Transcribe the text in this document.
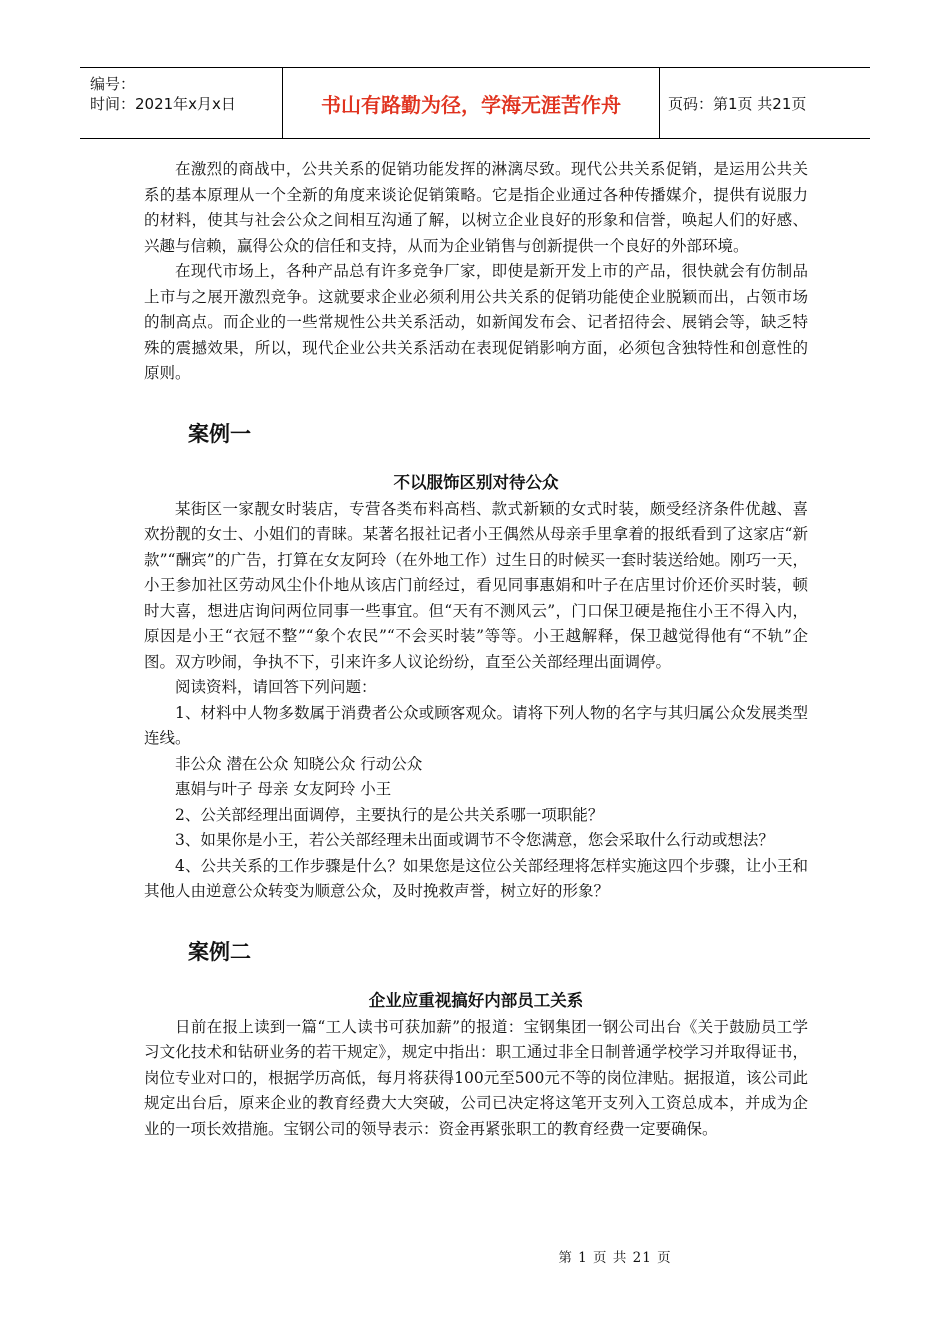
编号：
时间：2021年x月x日	书山有路勤为径，学海无涯苦作舟	页码：第1页 共21页

在激烈的商战中，公共关系的促销功能发挥的淋漓尽致。现代公共关系促销，是运用公共关系的基本原理从一个全新的角度来谈论促销策略。它是指企业通过各种传播媒介，提供有说服力的材料，使其与社会公众之间相互沟通了解，以树立企业良好的形象和信誉，唤起人们的好感、兴趣与信赖，赢得公众的信任和支持，从而为企业销售与创新提供一个良好的外部环境。

在现代市场上，各种产品总有许多竞争厂家，即使是新开发上市的产品，很快就会有仿制品上市与之展开激烈竞争。这就要求企业必须利用公共关系的促销功能使企业脱颖而出，占领市场的制高点。而企业的一些常规性公共关系活动，如新闻发布会、记者招待会、展销会等，缺乏特殊的震撼效果，所以，现代企业公共关系活动在表现促销影响方面，必须包含独特性和创意性的原则。

案例一
不以服饰区别对待公众

某街区一家靓女时装店，专营各类布料高档、款式新颖的女式时装，颇受经济条件优越、喜欢扮靓的女士、小姐们的青睐。某著名报社记者小王偶然从母亲手里拿着的报纸看到了这家店“新款”“酬宾”的广告，打算在女友阿玲（在外地工作）过生日的时候买一套时装送给她。刚巧一天，小王参加社区劳动风尘仆仆地从该店门前经过，看见同事惠娟和叶子在店里讨价还价买时装，顿时大喜，想进店询问两位同事一些事宜。但“天有不测风云”，门口保卫硬是拖住小王不得入内，原因是小王“衣冠不整”“象个农民”“不会买时装”等等。小王越解释，保卫越觉得他有“不轨”企图。双方吵闹，争执不下，引来许多人议论纷纷，直至公关部经理出面调停。

阅读资料，请回答下列问题：

1、材料中人物多数属于消费者公众或顾客观众。请将下列人物的名字与其归属公众发展类型连线。

非公众 潜在公众 知晓公众 行动公众

惠娟与叶子 母亲 女友阿玲 小王

2、公关部经理出面调停，主要执行的是公共关系哪一项职能？

3、如果你是小王，若公关部经理未出面或调节不令您满意，您会采取什么行动或想法？

4、公共关系的工作步骤是什么？如果您是这位公关部经理将怎样实施这四个步骤，让小王和其他人由逆意公众转变为顺意公众，及时挽救声誉，树立好的形象？

案例二
企业应重视搞好内部员工关系

日前在报上读到一篇“工人读书可获加薪”的报道：宝钢集团一钢公司出台《关于鼓励员工学习文化技术和钻研业务的若干规定》，规定中指出：职工通过非全日制普通学校学习并取得证书，岗位专业对口的，根据学历高低，每月将获得100元至500元不等的岗位津贴。据报道，该公司此规定出台后，原来企业的教育经费大大突破，公司已决定将这笔开支列入工资总成本，并成为企业的一项长效措施。宝钢公司的领导表示：资金再紧张职工的教育经费一定要确保。

第 1 页 共 21 页
